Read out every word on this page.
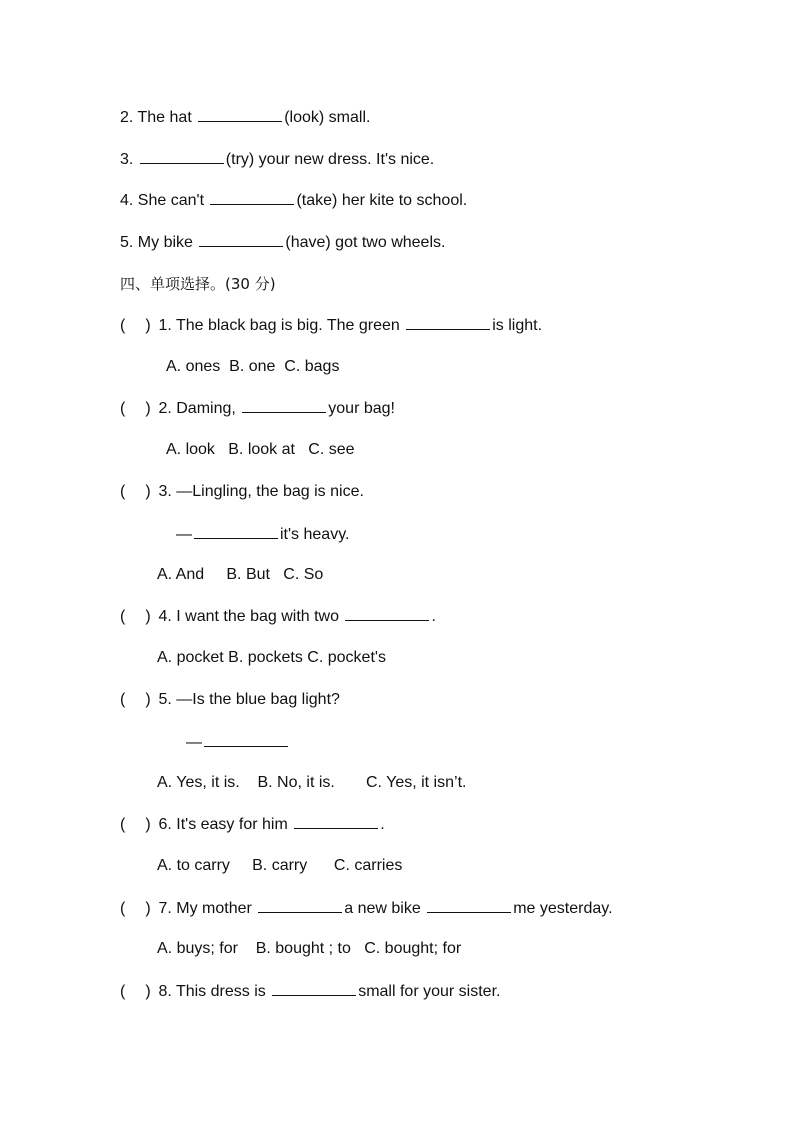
2. The hat	(look) small.
3.	(try) your new dress. It's nice.
4. She can't	(take) her kite to school.
5. My bike	(have) got two wheels.
四、单项选择。(30 分)
( ) 1. The black bag is big. The green	is light.
A. ones  B. one  C. bags
( ) 2. Daming,	your bag!
A. look   B. look at   C. see
( ) 3. —Lingling, the bag is nice.
—	it's heavy.
A. And     B. But   C. So
( ) 4. I want the bag with two	.
A. pocket B. pockets C. pocket's
( ) 5. —Is the blue bag light?
—
A. Yes, it is.    B. No, it is.       C. Yes, it isn’t.
( ) 6. It's easy for him	.
A. to carry     B. carry      C. carries
( ) 7. My mother	a new bike	me yesterday.
A. buys; for    B. bought ; to   C. bought; for
( ) 8. This dress is	small for your sister.
